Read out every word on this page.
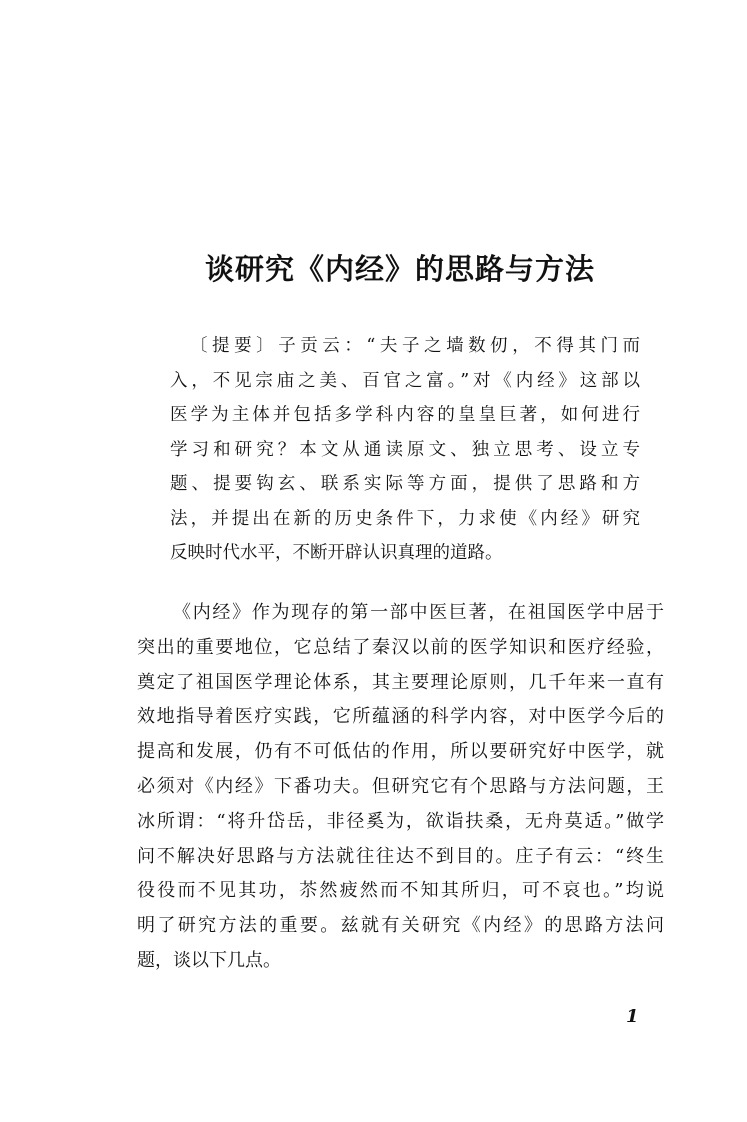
谈研究《内经》的思路与方法
〔提要〕子贡云：“夫子之墙数仞，不得其门而
入，不见宗庙之美、百官之富。”对《内经》这部以
医学为主体并包括多学科内容的皇皇巨著，如何进行
学习和研究？本文从通读原文、独立思考、设立专
题、提要钩玄、联系实际等方面，提供了思路和方
法，并提出在新的历史条件下，力求使《内经》研究
反映时代水平，不断开辟认识真理的道路。
《内经》作为现存的第一部中医巨著，在祖国医学中居于
突出的重要地位，它总结了秦汉以前的医学知识和医疗经验，
奠定了祖国医学理论体系，其主要理论原则，几千年来一直有
效地指导着医疗实践，它所蕴涵的科学内容，对中医学今后的
提高和发展，仍有不可低估的作用，所以要研究好中医学，就
必须对《内经》下番功夫。但研究它有个思路与方法问题，王
冰所谓：“将升岱岳，非径奚为，欲诣扶桑，无舟莫适。”做学
问不解决好思路与方法就往往达不到目的。庄子有云：“终生
役役而不见其功，苶然疲然而不知其所归，可不哀也。”均说
明了研究方法的重要。兹就有关研究《内经》的思路方法问
题，谈以下几点。
1
